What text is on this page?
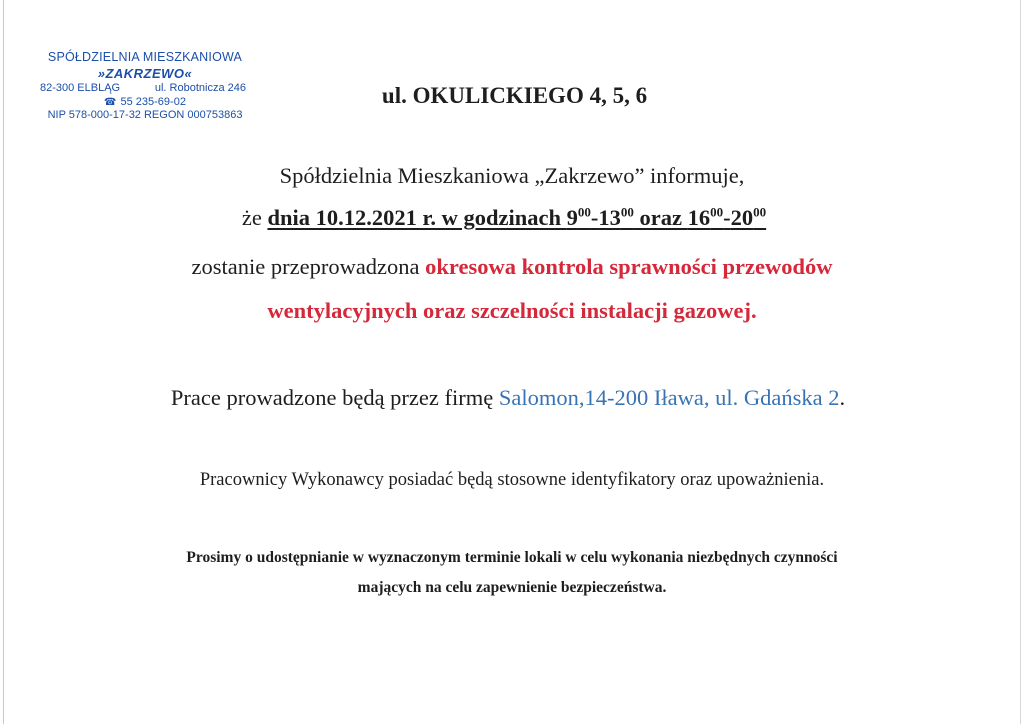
SPÓŁDZIELNIA MIESZKANIOWA
»ZAKRZEWO«
82-300 ELBLĄG	ul. Robotnicza 246
☎ 55 235-69-02
NIP 578-000-17-32 REGON 000753863
ul. OKULICKIEGO 4, 5, 6
Spółdzielnia Mieszkaniowa „Zakrzewo” informuje,
że dnia 10.12.2021 r. w godzinach $9^{00}-13^{00}$ oraz $16^{00}-20^{00}$
zostanie przeprowadzona okresowa kontrola sprawności przewodów
wentylacyjnych oraz szczelności instalacji gazowej.
Prace prowadzone będą przez firmę Salomon,14-200 Iława, ul. Gdańska 2.
Pracownicy Wykonawcy posiadać będą stosowne identyfikatory oraz upoważnienia.
Prosimy o udostępnianie w wyznaczonym terminie lokali w celu wykonania niezbędnych czynności
mających na celu zapewnienie bezpieczeństwa.
